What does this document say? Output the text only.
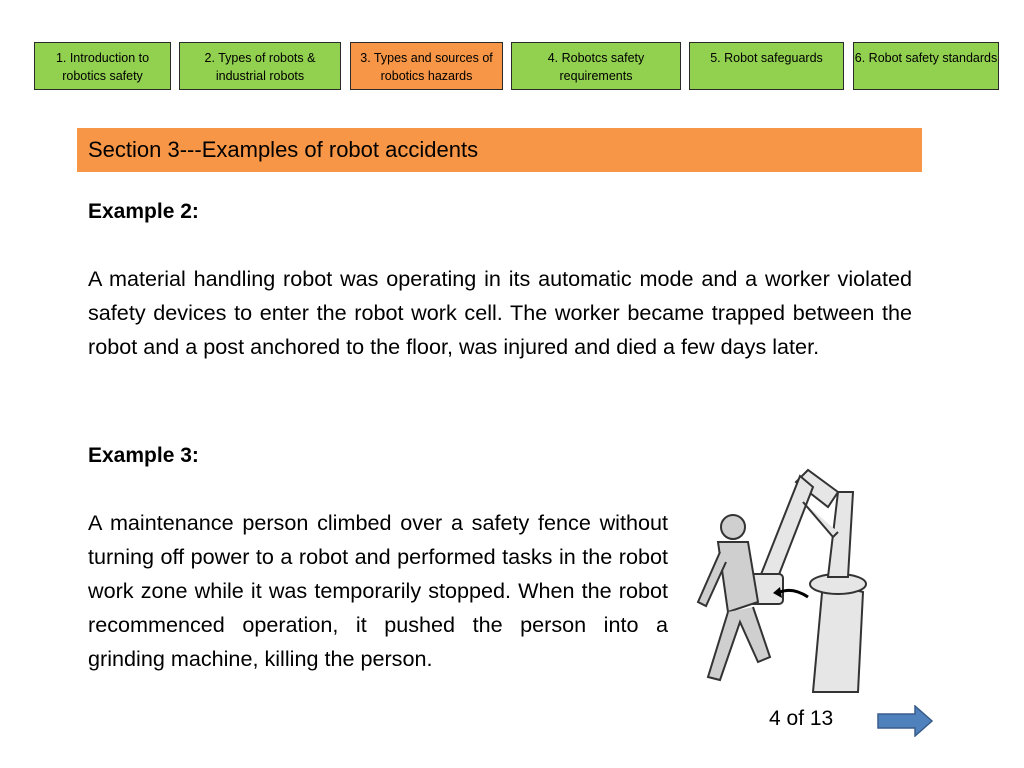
1. Introduction to robotics safety
2. Types of robots & industrial robots
3. Types and sources of robotics hazards
4. Robotcs safety requirements
5. Robot safeguards	6. Robot safety standards
Section 3---Examples of robot accidents
Example 2:
A material handling robot was operating in its automatic mode and a worker violated safety devices to enter the robot work cell. The worker became trapped between the robot and a post anchored to the floor, was injured and died a few days later.
Example 3:
A maintenance person climbed over a safety fence without turning off power to a robot and performed tasks in the robot work zone while it was temporarily stopped. When the robot recommenced operation, it pushed the person into a grinding machine, killing the person.
4 of 13
